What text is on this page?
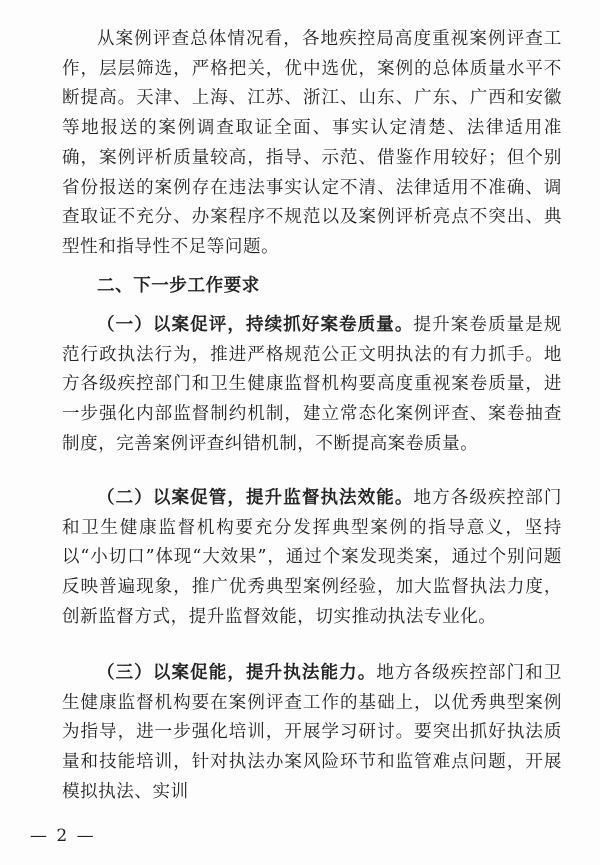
从案例评查总体情况看，各地疾控局高度重视案例评查工作，层层筛选，严格把关，优中选优，案例的总体质量水平不断提高。天津、上海、江苏、浙江、山东、广东、广西和安徽等地报送的案例调查取证全面、事实认定清楚、法律适用准确，案例评析质量较高，指导、示范、借鉴作用较好；但个别省份报送的案例存在违法事实认定不清、法律适用不准确、调查取证不充分、办案程序不规范以及案例评析亮点不突出、典型性和指导性不足等问题。

二、下一步工作要求

（一）以案促评，持续抓好案卷质量。提升案卷质量是规范行政执法行为，推进严格规范公正文明执法的有力抓手。地方各级疾控部门和卫生健康监督机构要高度重视案卷质量，进一步强化内部监督制约机制，建立常态化案例评查、案卷抽查制度，完善案例评查纠错机制，不断提高案卷质量。

（二）以案促管，提升监督执法效能。地方各级疾控部门和卫生健康监督机构要充分发挥典型案例的指导意义，坚持以“小切口”体现“大效果”，通过个案发现类案，通过个别问题反映普遍现象，推广优秀典型案例经验，加大监督执法力度，创新监督方式，提升监督效能，切实推动执法专业化。

（三）以案促能，提升执法能力。地方各级疾控部门和卫生健康监督机构要在案例评查工作的基础上，以优秀典型案例为指导，进一步强化培训，开展学习研讨。要突出抓好执法质量和技能培训，针对执法办案风险环节和监管难点问题，开展模拟执法、实训

— 2 —
